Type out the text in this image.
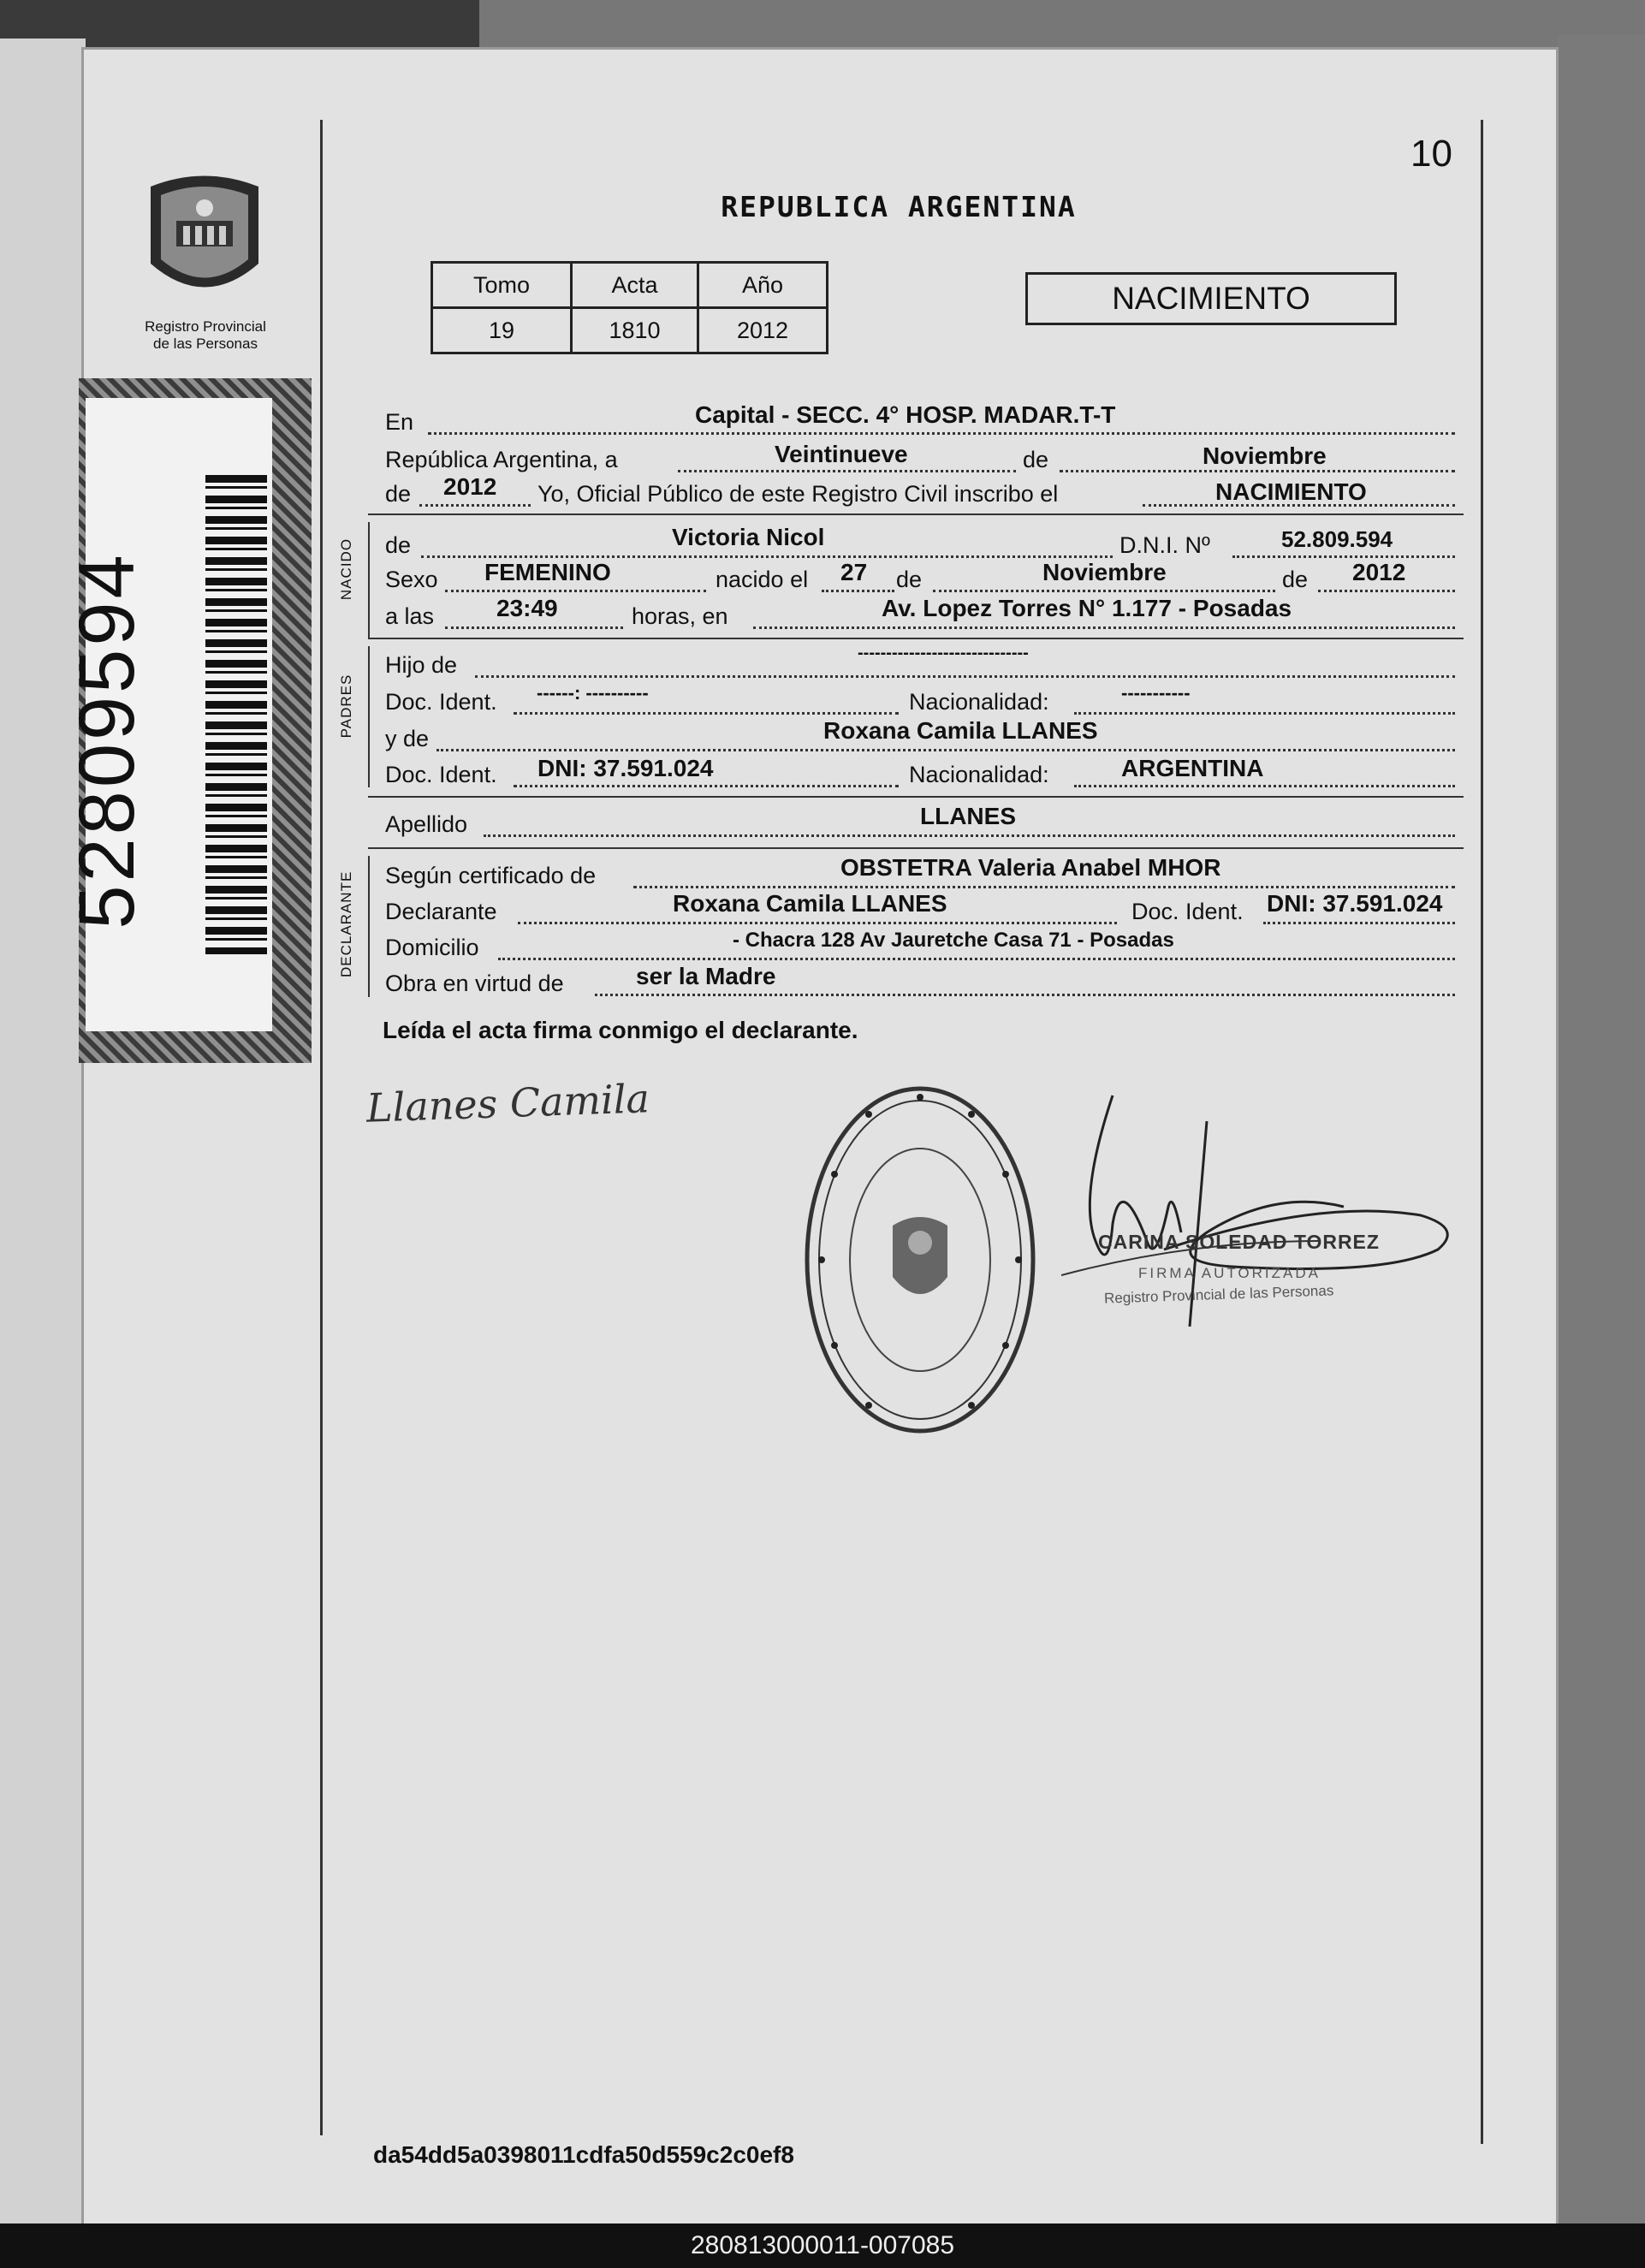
Registro Provincial
de las Personas
52809594
10
REPUBLICA ARGENTINA
Tomo	Acta	Año
19	1810	2012
NACIMIENTO
En	Capital - SECC. 4° HOSP. MADAR.T-T
República Argentina, a	Veintinueve	de	Noviembre
de 2012 Yo, Oficial Público de este Registro Civil inscribo el	NACIMIENTO
NACIDO de	Victoria Nicol	D.N.I. Nº	52.809.594
Sexo FEMENINO	nacido el 27 de	Noviembre	de 2012
a las	23:49	horas, en	Av. Lopez Torres N° 1.177 - Posadas
PADRES
Hijo de	------------------------------
Doc. Ident. ------: ----------	Nacionalidad:	-----------
y de	Roxana Camila LLANES
Doc. Ident. DNI: 37.591.024	Nacionalidad:	ARGENTINA
Apellido	LLANES
DECLARANTE Según certificado de	OBSTETRA Valeria Anabel MHOR
Declarante	Roxana Camila LLANES	Doc. Ident. DNI: 37.591.024
Domicilio	- Chacra 128 Av Jauretche Casa 71 - Posadas
Obra en virtud de	ser la Madre
Leída el acta firma conmigo el declarante.
Llanes Camila
CARINA SOLEDAD TORREZ
FIRMA AUTORIZADA
Registro Provincial de las Personas
da54dd5a0398011cdfa50d559c2c0ef8
280813000011-007085
